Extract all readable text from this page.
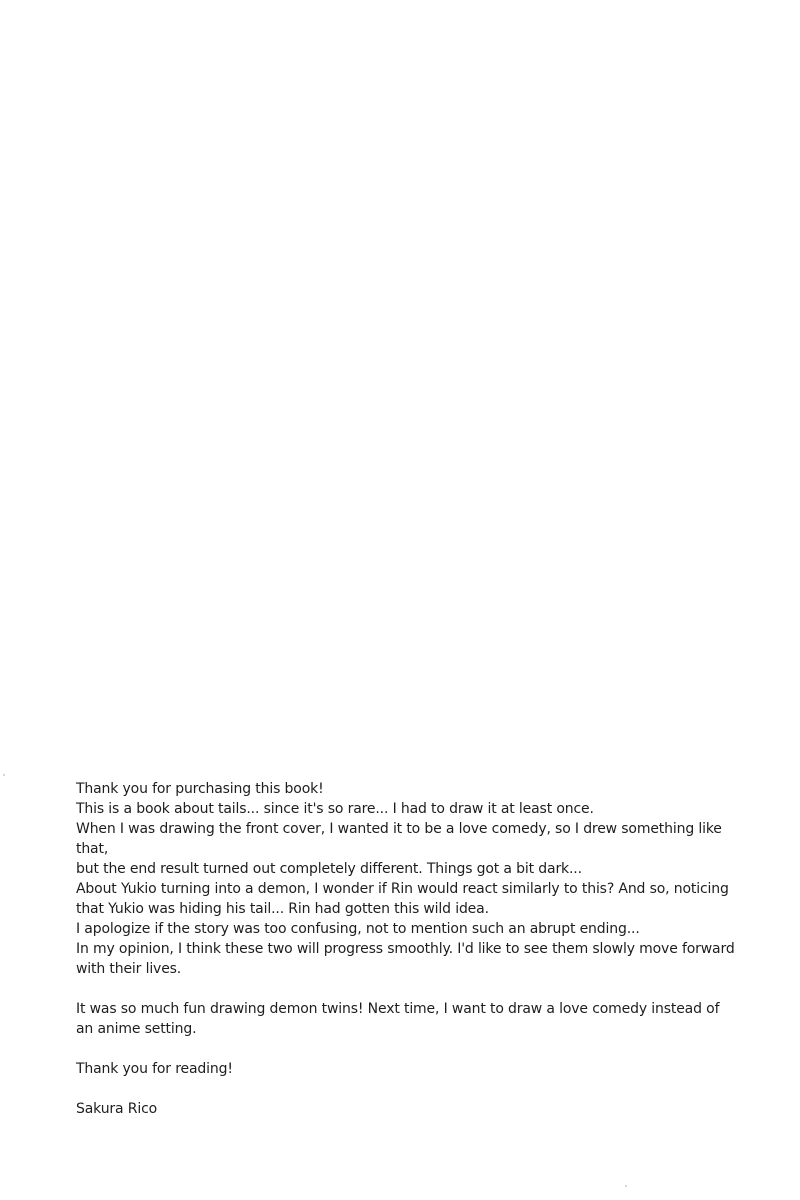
Thank you for purchasing this book!
This is a book about tails... since it's so rare... I had to draw it at least once.
When I was drawing the front cover, I wanted it to be a love comedy, so I drew something like that,
but the end result turned out completely different. Things got a bit dark...
About Yukio turning into a demon, I wonder if Rin would react similarly to this? And so, noticing that Yukio was hiding his tail... Rin had gotten this wild idea.
I apologize if the story was too confusing, not to mention such an abrupt ending...
In my opinion, I think these two will progress smoothly. I'd like to see them slowly move forward with their lives.
It was so much fun drawing demon twins! Next time, I want to draw a love comedy instead of an anime setting.
Thank you for reading!
Sakura Rico
